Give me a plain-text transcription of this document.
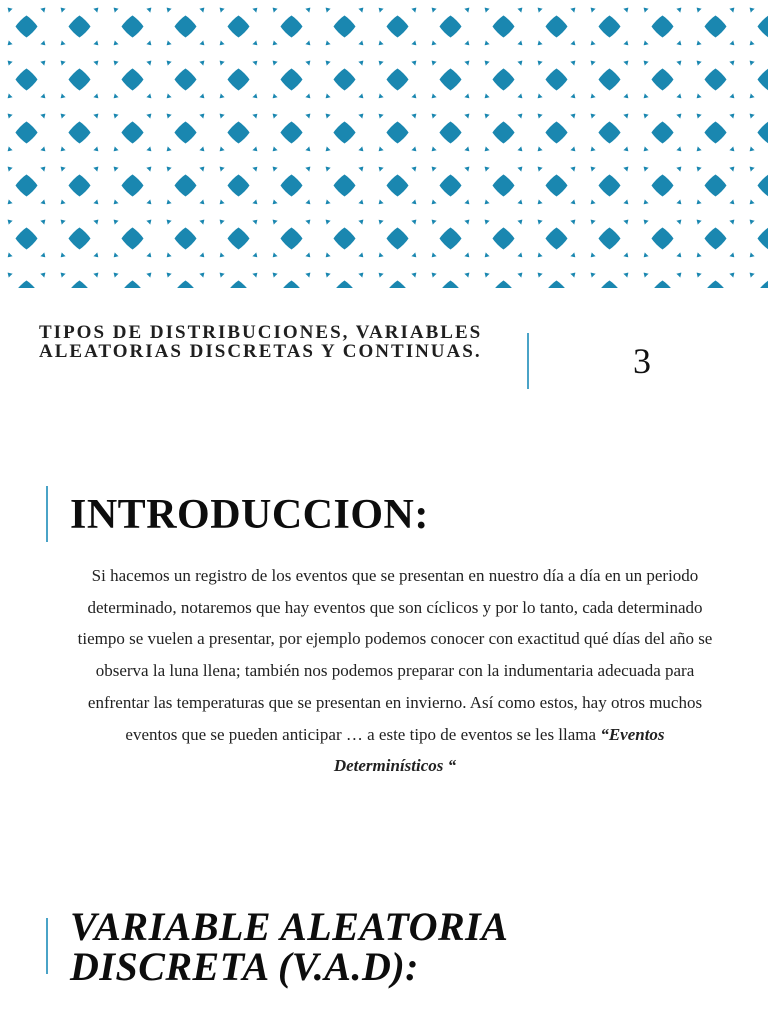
TIPOS DE DISTRIBUCIONES, VARIABLES
ALEATORIAS DISCRETAS Y CONTINUAS.	3
INTRODUCCION:

Si hacemos un registro de los eventos que se presentan en nuestro día a día en un periodo determinado, notaremos que hay eventos que son cíclicos y por lo tanto, cada determinado tiempo se vuelen a presentar, por ejemplo podemos conocer con exactitud qué días del año se observa la luna llena; también nos podemos preparar con la indumentaria adecuada para enfrentar las temperaturas que se presentan en invierno. Así como estos, hay otros muchos eventos que se pueden anticipar … a este tipo de eventos se les llama “Eventos Determinísticos “

VARIABLE ALEATORIA
DISCRETA (V.A.D):
